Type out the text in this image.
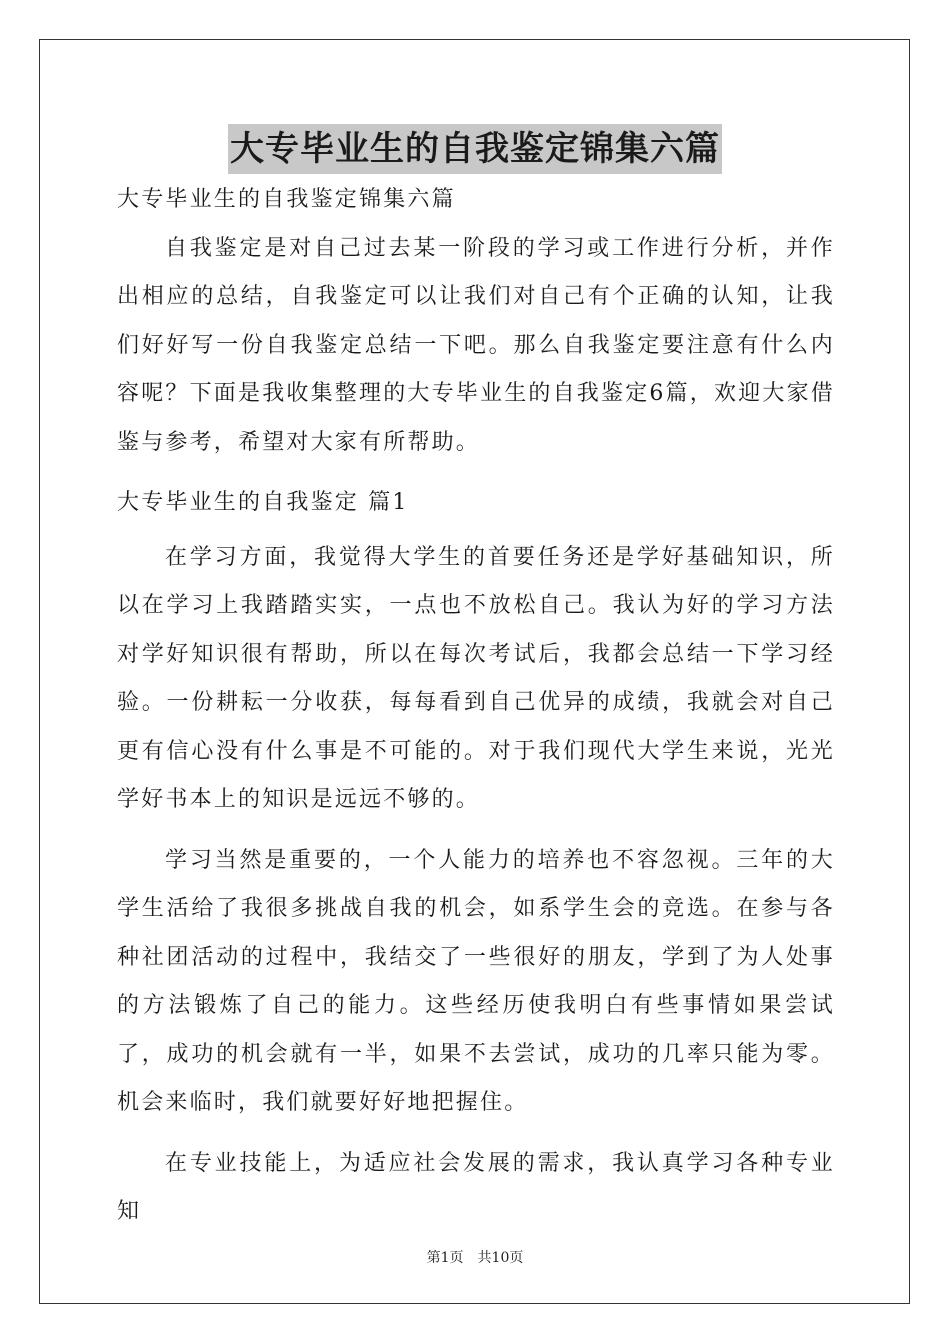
大专毕业生的自我鉴定锦集六篇

大专毕业生的自我鉴定锦集六篇

自我鉴定是对自己过去某一阶段的学习或工作进行分析，并作出相应的总结，自我鉴定可以让我们对自己有个正确的认知，让我们好好写一份自我鉴定总结一下吧。那么自我鉴定要注意有什么内容呢？下面是我收集整理的大专毕业生的自我鉴定6篇，欢迎大家借鉴与参考，希望对大家有所帮助。

大专毕业生的自我鉴定 篇1

在学习方面，我觉得大学生的首要任务还是学好基础知识，所以在学习上我踏踏实实，一点也不放松自己。我认为好的学习方法对学好知识很有帮助，所以在每次考试后，我都会总结一下学习经验。一份耕耘一分收获，每每看到自己优异的成绩，我就会对自己更有信心没有什么事是不可能的。对于我们现代大学生来说，光光学好书本上的知识是远远不够的。

学习当然是重要的，一个人能力的培养也不容忽视。三年的大学生活给了我很多挑战自我的机会，如系学生会的竞选。在参与各种社团活动的过程中，我结交了一些很好的朋友，学到了为人处事的方法锻炼了自己的能力。这些经历使我明白有些事情如果尝试了，成功的机会就有一半，如果不去尝试，成功的几率只能为零。机会来临时，我们就要好好地把握住。

在专业技能上，为适应社会发展的需求，我认真学习各种专业知

第1页 共10页
